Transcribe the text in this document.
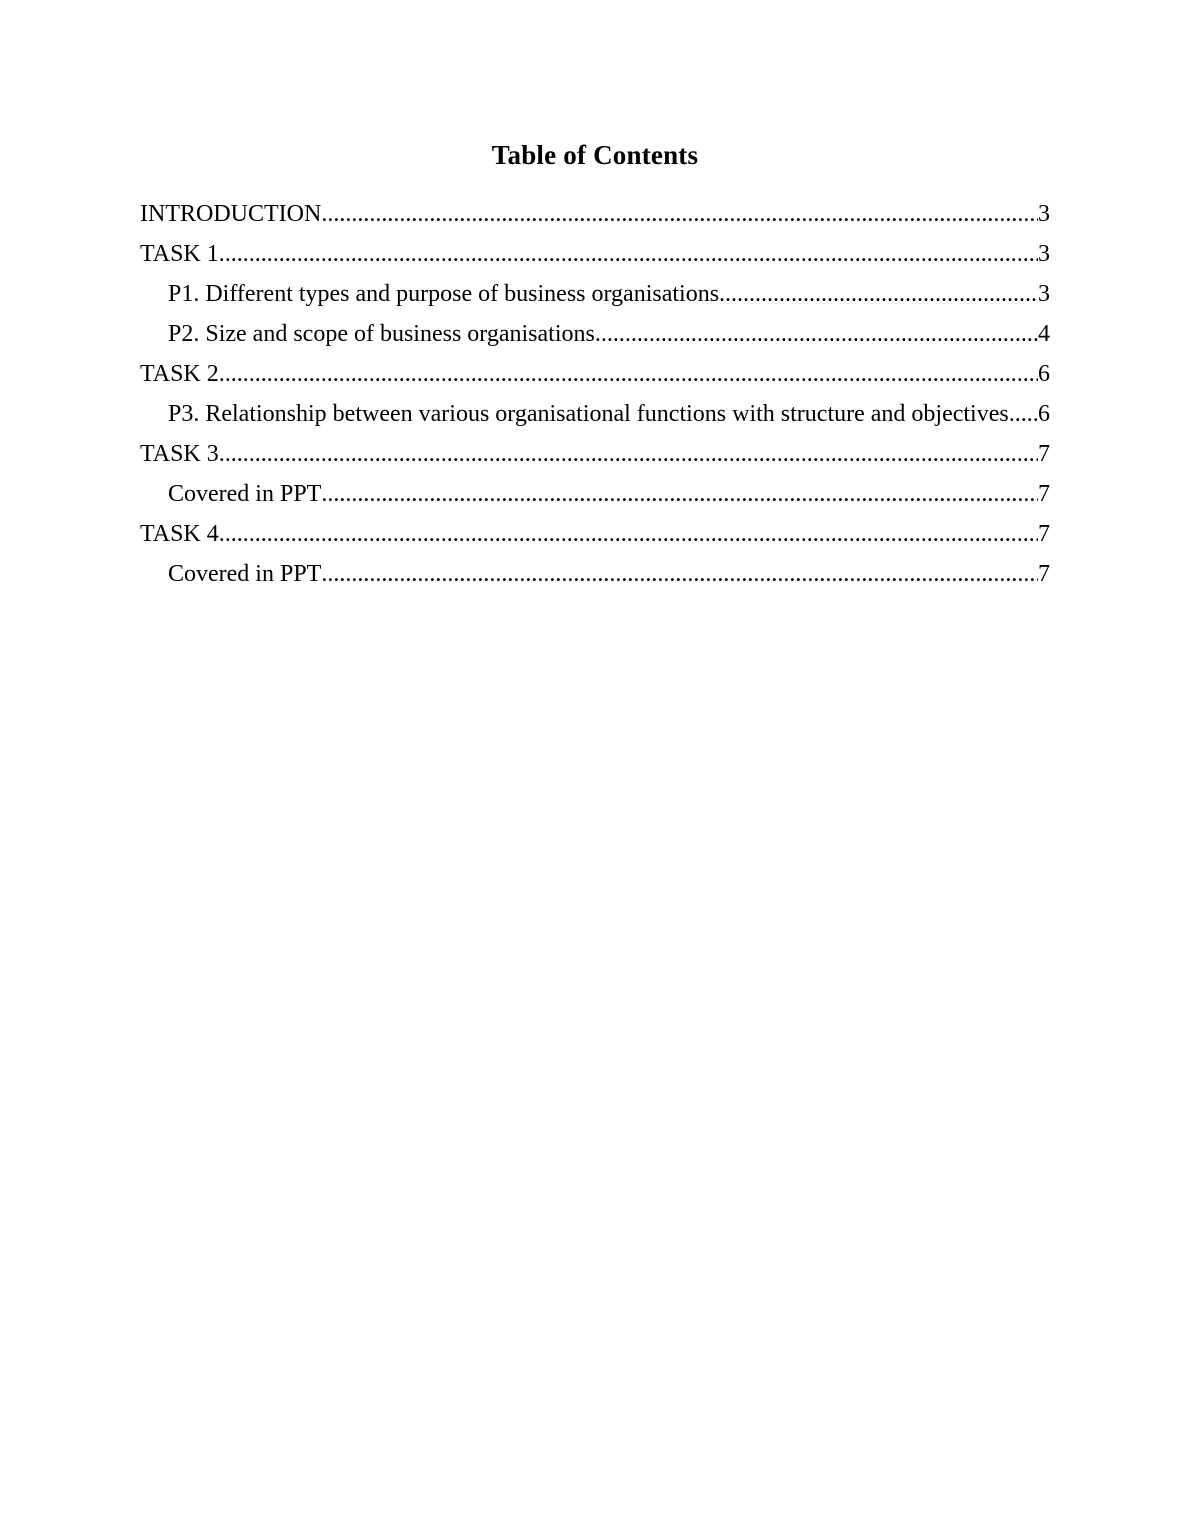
Table of Contents
INTRODUCTION .....	3
TASK 1 .....	3
P1. Different types and purpose of business organisations .....	3
P2. Size and scope of business organisations .....	4
TASK 2 .....	6
P3. Relationship between various organisational functions with structure and objectives ..... 6
TASK 3 .....	7
Covered in PPT .....	7
TASK 4 .....	7
Covered in PPT .....	7
